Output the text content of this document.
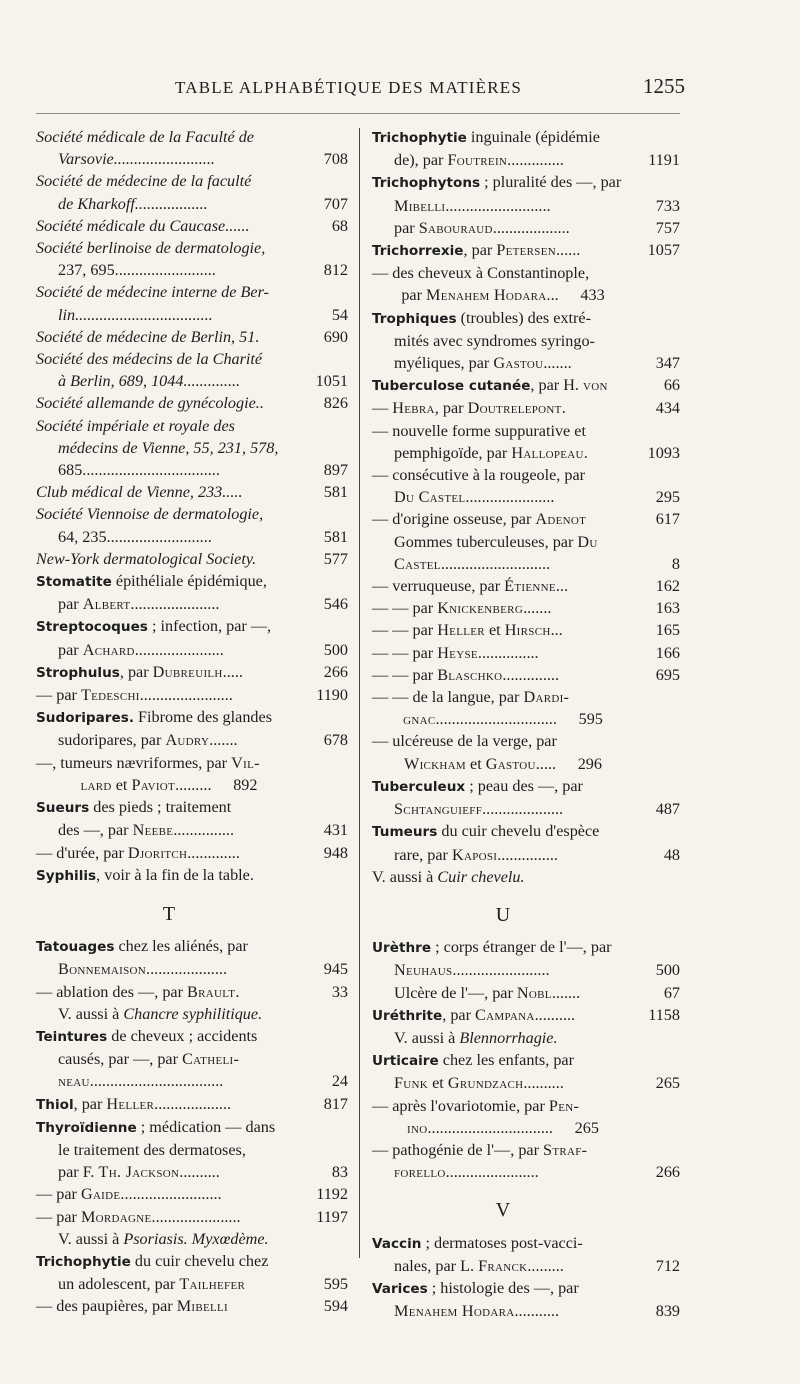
TABLE ALPHABÉTIQUE DES MATIÈRES	1255
Société médicale de la Faculté de
Varsovie.........................	708
Société de médecine de la faculté
de Kharkoff..................	707
Société médicale du Caucase......	68
Société berlinoise de dermatologie,
237, 695.........................	812
Société de médecine interne de Ber-
lin..................................	54
Société de médecine de Berlin, 51.	690
Société des médecins de la Charité
à Berlin, 689, 1044..............	1051
Société allemande de gynécologie..	826
Société impériale et royale des
médecins de Vienne, 55, 231, 578,
685..................................	897
Club médical de Vienne, 233.....	581
Société Viennoise de dermatologie,
64, 235..........................	581
New-York dermatological Society.	577
Stomatite épithéliale épidémique,
par Albert......................	546
Streptocoques ; infection, par —,
par Achard......................	500
Strophulus, par Dubreuilh.....	266
— par Tedeschi.......................	1190
Sudoripares. Fibrome des glandes
sudoripares, par Audry.......	678
—, tumeurs nævriformes, par Vil-
lard et Paviot.........	892
Sueurs des pieds ; traitement
des —, par Neebe...............	431
— d'urée, par Djoritch.............	948
Syphilis, voir à la fin de la table.
T
Tatouages chez les aliénés, par
Bonnemaison....................	945
— ablation des —, par Brault.	33
V. aussi à Chancre syphilitique.
Teintures de cheveux ; accidents
causés, par —, par Catheli-
neau.................................	24
Thiol, par Heller...................	817
Thyroïdienne ; médication — dans
le traitement des dermatoses,
par F. Th. Jackson..........	83
— par Gaide.........................	1192
— par Mordagne......................	1197
V. aussi à Psoriasis. Myxœdème.
Trichophytie du cuir chevelu chez
un adolescent, par Tailhefer	595
— des paupières, par Mibelli	594
Trichophytie inguinale (épidémie
de), par Foutrein..............	1191
Trichophytons ; pluralité des —, par
Mibelli..........................	733
par Sabouraud...................	757
Trichorrexie, par Petersen......	1057
— des cheveux à Constantinople,
par Menahem Hodara...	433
Trophiques (troubles) des extré-
mités avec syndromes syringo-
myéliques, par Gastou.......	347
Tuberculose cutanée, par H. von	66
— Hebra, par Doutrelepont.	434
— nouvelle forme suppurative et
pemphigoïde, par Hallopeau.	1093
— consécutive à la rougeole, par
Du Castel......................	295
— d'origine osseuse, par Adenot	617
Gommes tuberculeuses, par Du
Castel...........................	8
— verruqueuse, par Étienne...	162
— — par Knickenberg.......	163
— — par Heller et Hirsch...	165
— — par Heyse...............	166
— — par Blaschko..............	695
— — de la langue, par Dardi-
gnac..............................	595
— ulcéreuse de la verge, par
Wickham et Gastou.....	296
Tuberculeux ; peau des —, par
Schtanguieff....................	487
Tumeurs du cuir chevelu d'espèce
rare, par Kaposi...............	48
V. aussi à Cuir chevelu.
U
Urèthre ; corps étranger de l'—, par
Neuhaus........................	500
Ulcère de l'—, par Nobl.......	67
Uréthrite, par Campana..........	1158
V. aussi à Blennorrhagie.
Urticaire chez les enfants, par
Funk et Grundzach..........	265
— après l'ovariotomie, par Pen-
ino...............................	265
— pathogénie de l'—, par Straf-
forello.......................	266
V
Vaccin ; dermatoses post-vacci-
nales, par L. Franck.........	712
Varices ; histologie des —, par
Menahem Hodara...........	839
